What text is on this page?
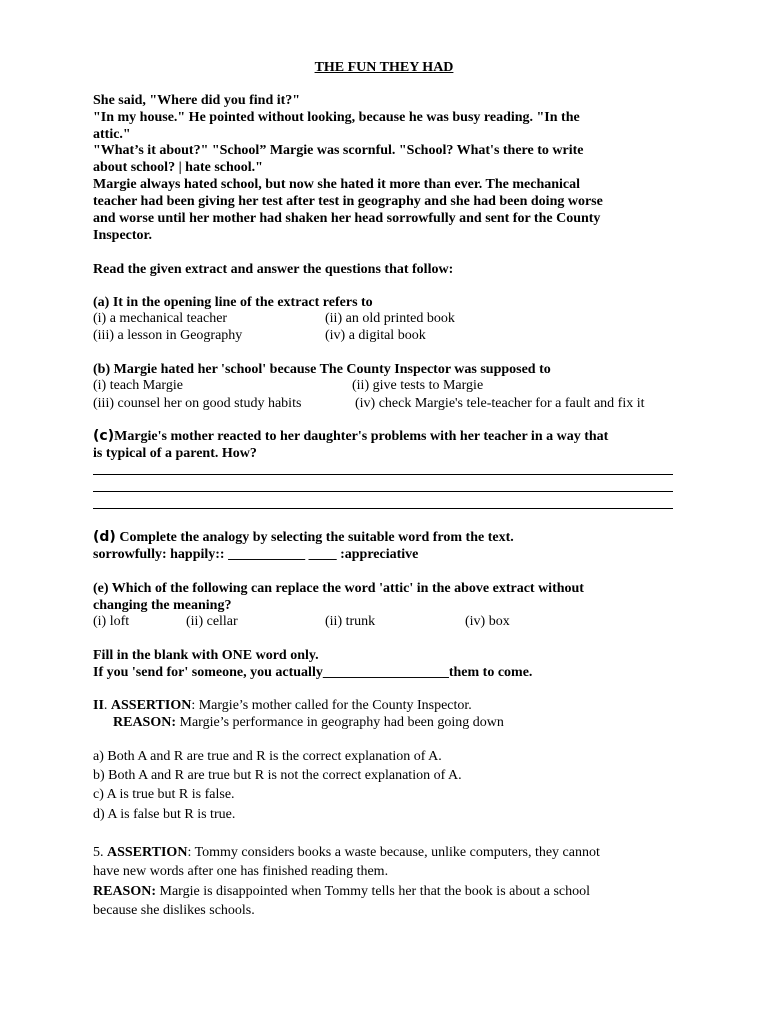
THE FUN THEY HAD
She said, "Where did you find it?"
"In my house." He pointed without looking, because he was busy reading. "In the
attic."
"What’s it about?" "School” Margie was scornful. "School? What's there to write
about school? | hate school."
Margie always hated school, but now she hated it more than ever. The mechanical
teacher had been giving her test after test in geography and she had been doing worse
and worse until her mother had shaken her head sorrowfully and sent for the County
Inspector.
Read the given extract and answer the questions that follow:
(a) It in the opening line of the extract refers to
(i) a mechanical teacher	(ii) an old printed book
(iii) a lesson in Geography	(iv) a digital book
(b) Margie hated her 'school' because The County Inspector was supposed to
(i) teach Margie	(ii) give tests to Margie
(iii) counsel her on good study habits	(iv) check Margie's tele-teacher for a fault and fix it
(c)Margie's mother reacted to her daughter's problems with her teacher in a way that
is typical of a parent. How?
(d) Complete the analogy by selecting the suitable word from the text.
sorrowfully: happily:: ___________ ____ :appreciative
(e) Which of the following can replace the word 'attic' in the above extract without
changing the meaning?
(i) loft	(ii) cellar	(ii) trunk	(iv) box
Fill in the blank with ONE word only.
If you 'send for' someone, you actually__________________them to come.
II. ASSERTION: Margie’s mother called for the County Inspector.
REASON: Margie’s performance in geography had been going down
a) Both A and R are true and R is the correct explanation of A.
b) Both A and R are true but R is not the correct explanation of A.
c) A is true but R is false.
d) A is false but R is true.
5. ASSERTION: Tommy considers books a waste because, unlike computers, they cannot
have new words after one has finished reading them.
REASON: Margie is disappointed when Tommy tells her that the book is about a school
because she dislikes schools.
